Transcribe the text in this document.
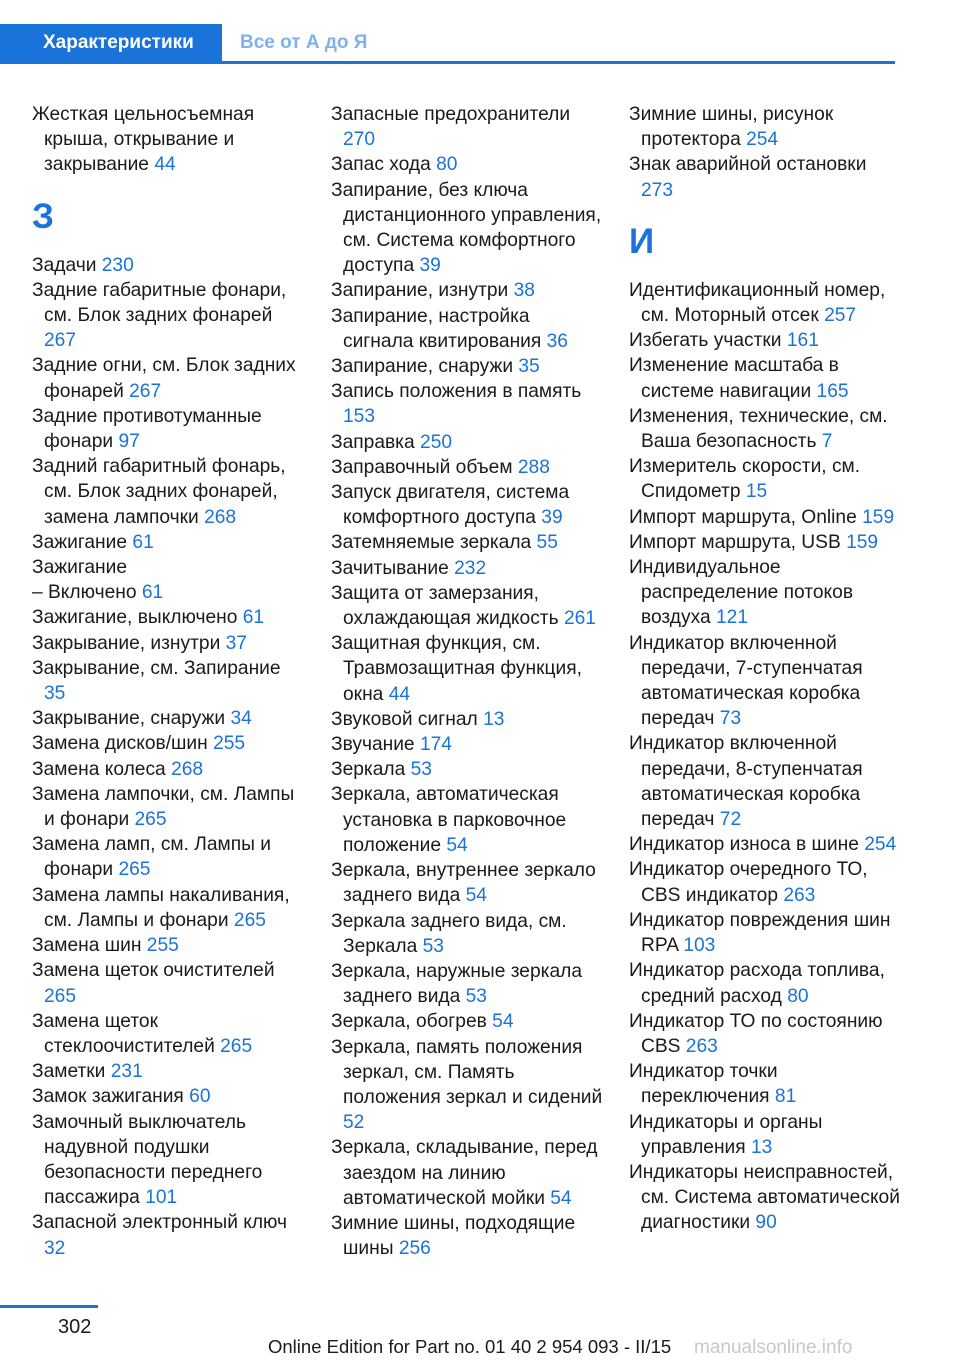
Характеристики	Все от А до Я
Жесткая цельносъемная крыша, открывание и закрывание 44
З
Задачи 230
Задние габаритные фонари, см. Блок задних фонарей 267
Задние огни, см. Блок задних фонарей 267
Задние противотуманные фонари 97
Задний габаритный фонарь, см. Блок задних фонарей, замена лампочки 268
Зажигание 61
Зажигание
– Включено 61
Зажигание, выключено 61
Закрывание, изнутри 37
Закрывание, см. Запирание 35
Закрывание, снаружи 34
Замена дисков/шин 255
Замена колеса 268
Замена лампочки, см. Лампы и фонари 265
Замена ламп, см. Лампы и фонари 265
Замена лампы накаливания, см. Лампы и фонари 265
Замена шин 255
Замена щеток очистителей 265
Замена щеток стеклоочистителей 265
Заметки 231
Замок зажигания 60
Замочный выключатель надувной подушки безопасности переднего пассажира 101
Запасной электронный ключ 32
Запасные предохранители 270
Запас хода 80
Запирание, без ключа дистанционного управления, см. Система комфортного доступа 39
Запирание, изнутри 38
Запирание, настройка сигнала квитирования 36
Запирание, снаружи 35
Запись положения в память 153
Заправка 250
Заправочный объем 288
Запуск двигателя, система комфортного доступа 39
Затемняемые зеркала 55
Зачитывание 232
Защита от замерзания, охлаждающая жидкость 261
Защитная функция, см. Травмозащитная функция, окна 44
Звуковой сигнал 13
Звучание 174
Зеркала 53
Зеркала, автоматическая установка в парковочное положение 54
Зеркала, внутреннее зеркало заднего вида 54
Зеркала заднего вида, см. Зеркала 53
Зеркала, наружные зеркала заднего вида 53
Зеркала, обогрев 54
Зеркала, память положения зеркал, см. Память положения зеркал и сидений 52
Зеркала, складывание, перед заездом на линию автоматической мойки 54
Зимние шины, подходящие шины 256
Зимние шины, рисунок протектора 254
Знак аварийной остановки 273
И
Идентификационный номер, см. Моторный отсек 257
Избегать участки 161
Изменение масштаба в системе навигации 165
Изменения, технические, см. Ваша безопасность 7
Измеритель скорости, см. Спидометр 15
Импорт маршрута, Online 159
Импорт маршрута, USB 159
Индивидуальное распределение потоков воздуха 121
Индикатор включенной передачи, 7-ступенчатая автоматическая коробка передач 73
Индикатор включенной передачи, 8-ступенчатая автоматическая коробка передач 72
Индикатор износа в шине 254
Индикатор очередного ТО, CBS индикатор 263
Индикатор повреждения шин RPA 103
Индикатор расхода топлива, средний расход 80
Индикатор ТО по состоянию CBS 263
Индикатор точки переключения 81
Индикаторы и органы управления 13
Индикаторы неисправностей, см. Система автоматической диагностики 90
302
Online Edition for Part no. 01 40 2 954 093 - II/15 manualsonline.info
